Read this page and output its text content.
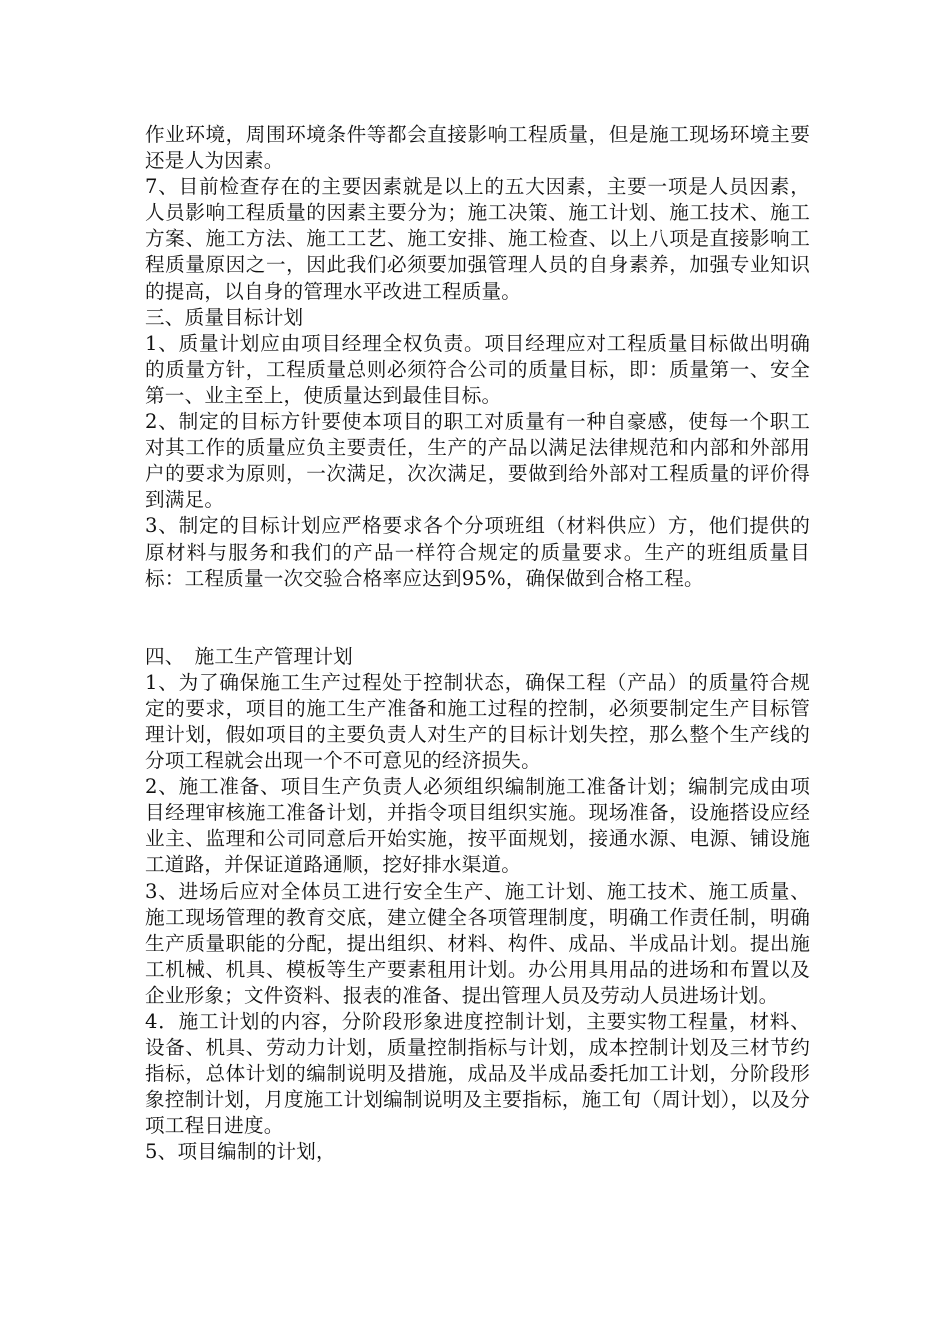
作业环境，周围环境条件等都会直接影响工程质量，但是施工现场环境主要还是人为因素。

7、目前检查存在的主要因素就是以上的五大因素，主要一项是人员因素，人员影响工程质量的因素主要分为；施工决策、施工计划、施工技术、施工方案、施工方法、施工工艺、施工安排、施工检查、以上八项是直接影响工程质量原因之一，因此我们必须要加强管理人员的自身素养，加强专业知识的提高，以自身的管理水平改进工程质量。

三、质量目标计划

1、质量计划应由项目经理全权负责。项目经理应对工程质量目标做出明确的质量方针，工程质量总则必须符合公司的质量目标，即：质量第一、安全第一、业主至上，使质量达到最佳目标。

2、制定的目标方针要使本项目的职工对质量有一种自豪感，使每一个职工对其工作的质量应负主要责任，生产的产品以满足法律规范和内部和外部用户的要求为原则，一次满足，次次满足，要做到给外部对工程质量的评价得到满足。

3、制定的目标计划应严格要求各个分项班组（材料供应）方，他们提供的原材料与服务和我们的产品一样符合规定的质量要求。生产的班组质量目标：工程质量一次交验合格率应达到95%，确保做到合格工程。

四、　施工生产管理计划

1、为了确保施工生产过程处于控制状态，确保工程（产品）的质量符合规定的要求，项目的施工生产准备和施工过程的控制，必须要制定生产目标管理计划，假如项目的主要负责人对生产的目标计划失控，那么整个生产线的分项工程就会出现一个不可意见的经济损失。

2、施工准备、项目生产负责人必须组织编制施工准备计划；编制完成由项目经理审核施工准备计划，并指令项目组织实施。现场准备，设施搭设应经业主、监理和公司同意后开始实施，按平面规划，接通水源、电源、铺设施工道路，并保证道路通顺，挖好排水渠道。

3、进场后应对全体员工进行安全生产、施工计划、施工技术、施工质量、施工现场管理的教育交底，建立健全各项管理制度，明确工作责任制，明确生产质量职能的分配，提出组织、材料、构件、成品、半成品计划。提出施工机械、机具、模板等生产要素租用计划。办公用具用品的进场和布置以及企业形象；文件资料、报表的准备、提出管理人员及劳动人员进场计划。

4．施工计划的内容，分阶段形象进度控制计划，主要实物工程量，材料、设备、机具、劳动力计划，质量控制指标与计划，成本控制计划及三材节约指标，总体计划的编制说明及措施，成品及半成品委托加工计划，分阶段形象控制计划，月度施工计划编制说明及主要指标，施工旬（周计划），以及分项工程日进度。

5、项目编制的计划，
